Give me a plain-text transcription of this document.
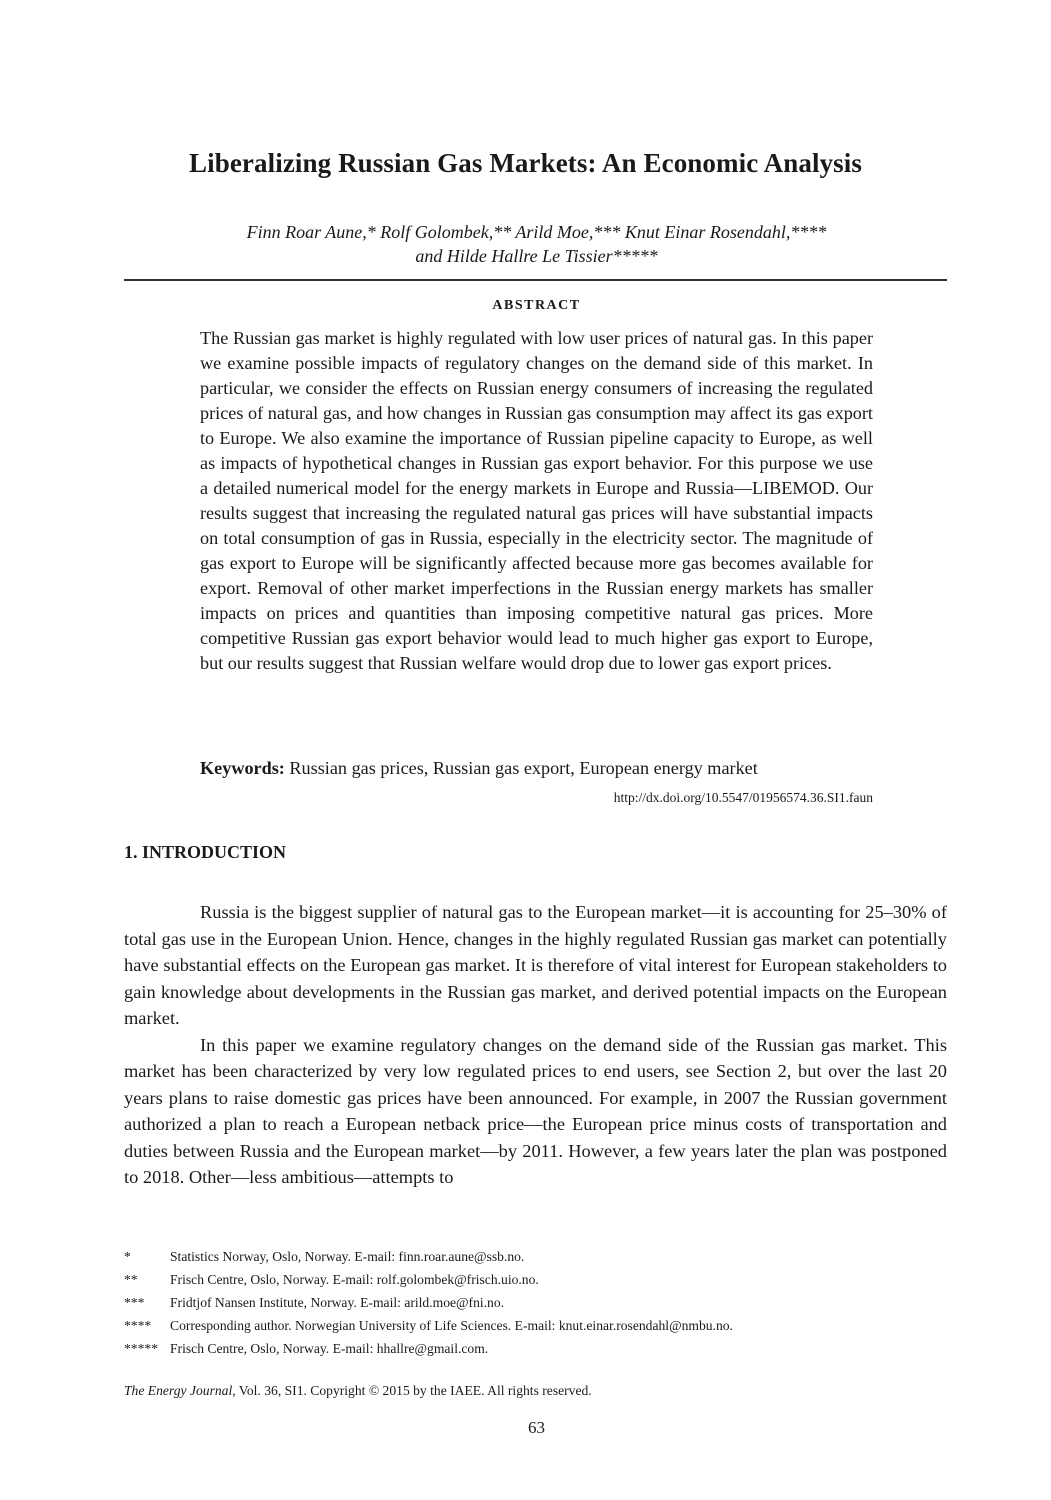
Liberalizing Russian Gas Markets: An Economic Analysis
Finn Roar Aune,* Rolf Golombek,** Arild Moe,*** Knut Einar Rosendahl,****
and Hilde Hallre Le Tissier*****
ABSTRACT

The Russian gas market is highly regulated with low user prices of natural gas. In this paper we examine possible impacts of regulatory changes on the demand side of this market. In particular, we consider the effects on Russian energy consumers of increasing the regulated prices of natural gas, and how changes in Russian gas consumption may affect its gas export to Europe. We also examine the importance of Russian pipeline capacity to Europe, as well as impacts of hypothetical changes in Russian gas export behavior. For this purpose we use a detailed numerical model for the energy markets in Europe and Russia—LIBEMOD. Our results suggest that increasing the regulated natural gas prices will have substantial impacts on total consumption of gas in Russia, especially in the electricity sector. The magnitude of gas export to Europe will be significantly affected because more gas becomes available for export. Removal of other market imperfections in the Russian energy markets has smaller impacts on prices and quantities than imposing competitive natural gas prices. More competitive Russian gas export behavior would lead to much higher gas export to Europe, but our results suggest that Russian welfare would drop due to lower gas export prices.

Keywords: Russian gas prices, Russian gas export, European energy market

http://dx.doi.org/10.5547/01956574.36.SI1.faun

1. INTRODUCTION

Russia is the biggest supplier of natural gas to the European market—it is accounting for 25–30% of total gas use in the European Union. Hence, changes in the highly regulated Russian gas market can potentially have substantial effects on the European gas market. It is therefore of vital interest for European stakeholders to gain knowledge about developments in the Russian gas market, and derived potential impacts on the European market.

In this paper we examine regulatory changes on the demand side of the Russian gas market. This market has been characterized by very low regulated prices to end users, see Section 2, but over the last 20 years plans to raise domestic gas prices have been announced. For example, in 2007 the Russian government authorized a plan to reach a European netback price—the European price minus costs of transportation and duties between Russia and the European market—by 2011. However, a few years later the plan was postponed to 2018. Other—less ambitious—attempts to

*	Statistics Norway, Oslo, Norway. E-mail: finn.roar.aune@ssb.no.
**	Frisch Centre, Oslo, Norway. E-mail: rolf.golombek@frisch.uio.no.
***	Fridtjof Nansen Institute, Norway. E-mail: arild.moe@fni.no.
****	Corresponding author. Norwegian University of Life Sciences. E-mail: knut.einar.rosendahl@nmbu.no.
***** Frisch Centre, Oslo, Norway. E-mail: hhallre@gmail.com.
The Energy Journal, Vol. 36, SI1. Copyright © 2015 by the IAEE. All rights reserved.
63
